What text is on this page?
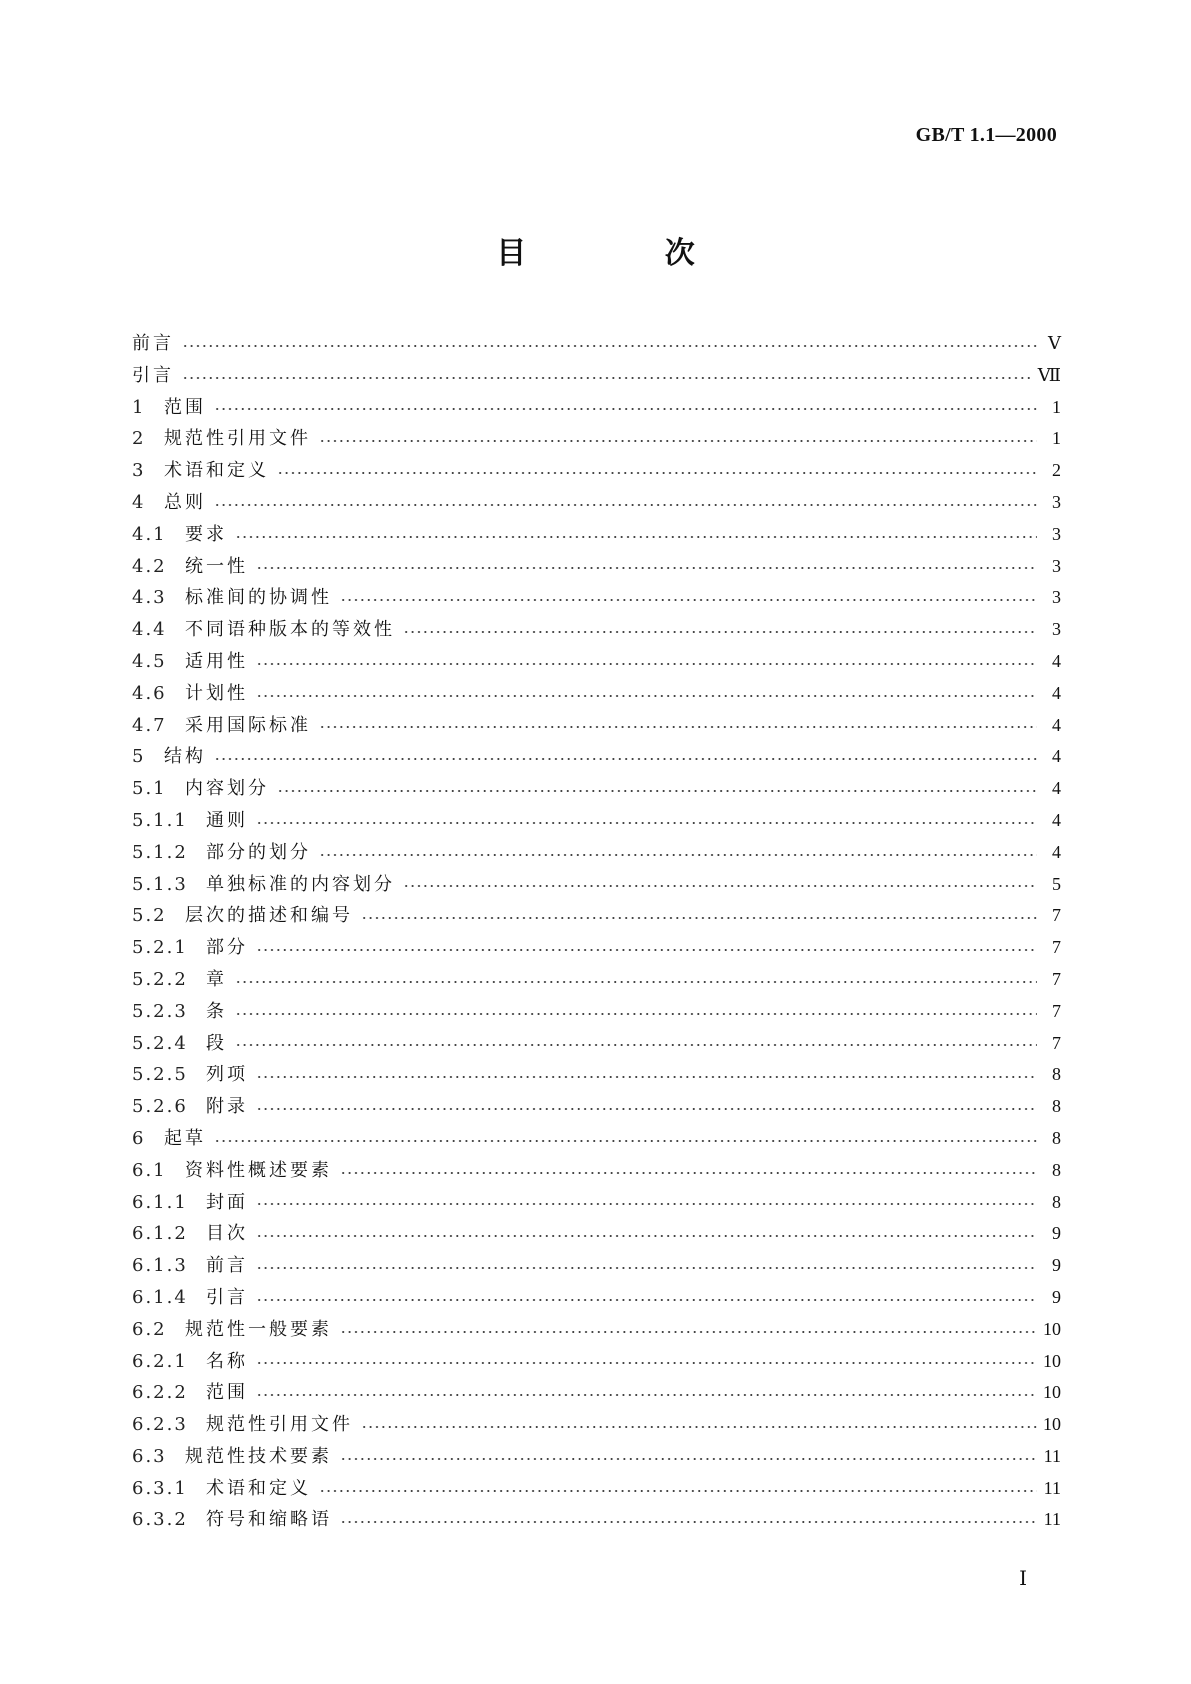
GB/T 1.1—2000
目 次
前言	Ⅴ
引言	Ⅶ
1	范围	1
2	规范性引用文件	1
3	术语和定义	2
4	总则	3
4.1	要求	3
4.2	统一性	3
4.3	标准间的协调性	3
4.4	不同语种版本的等效性	3
4.5	适用性	4
4.6	计划性	4
4.7	采用国际标准	4
5	结构	4
5.1	内容划分	4
5.1.1	通则	4
5.1.2	部分的划分	4
5.1.3	单独标准的内容划分	5
5.2	层次的描述和编号	7
5.2.1	部分	7
5.2.2	章	7
5.2.3	条	7
5.2.4	段	7
5.2.5	列项	8
5.2.6	附录	8
6	起草	8
6.1	资料性概述要素	8
6.1.1	封面	8
6.1.2	目次	9
6.1.3	前言	9
6.1.4	引言	9
6.2	规范性一般要素	10
6.2.1	名称	10
6.2.2	范围	10
6.2.3	规范性引用文件	10
6.3	规范性技术要素	11
6.3.1	术语和定义	11
6.3.2	符号和缩略语	11
Ⅰ
